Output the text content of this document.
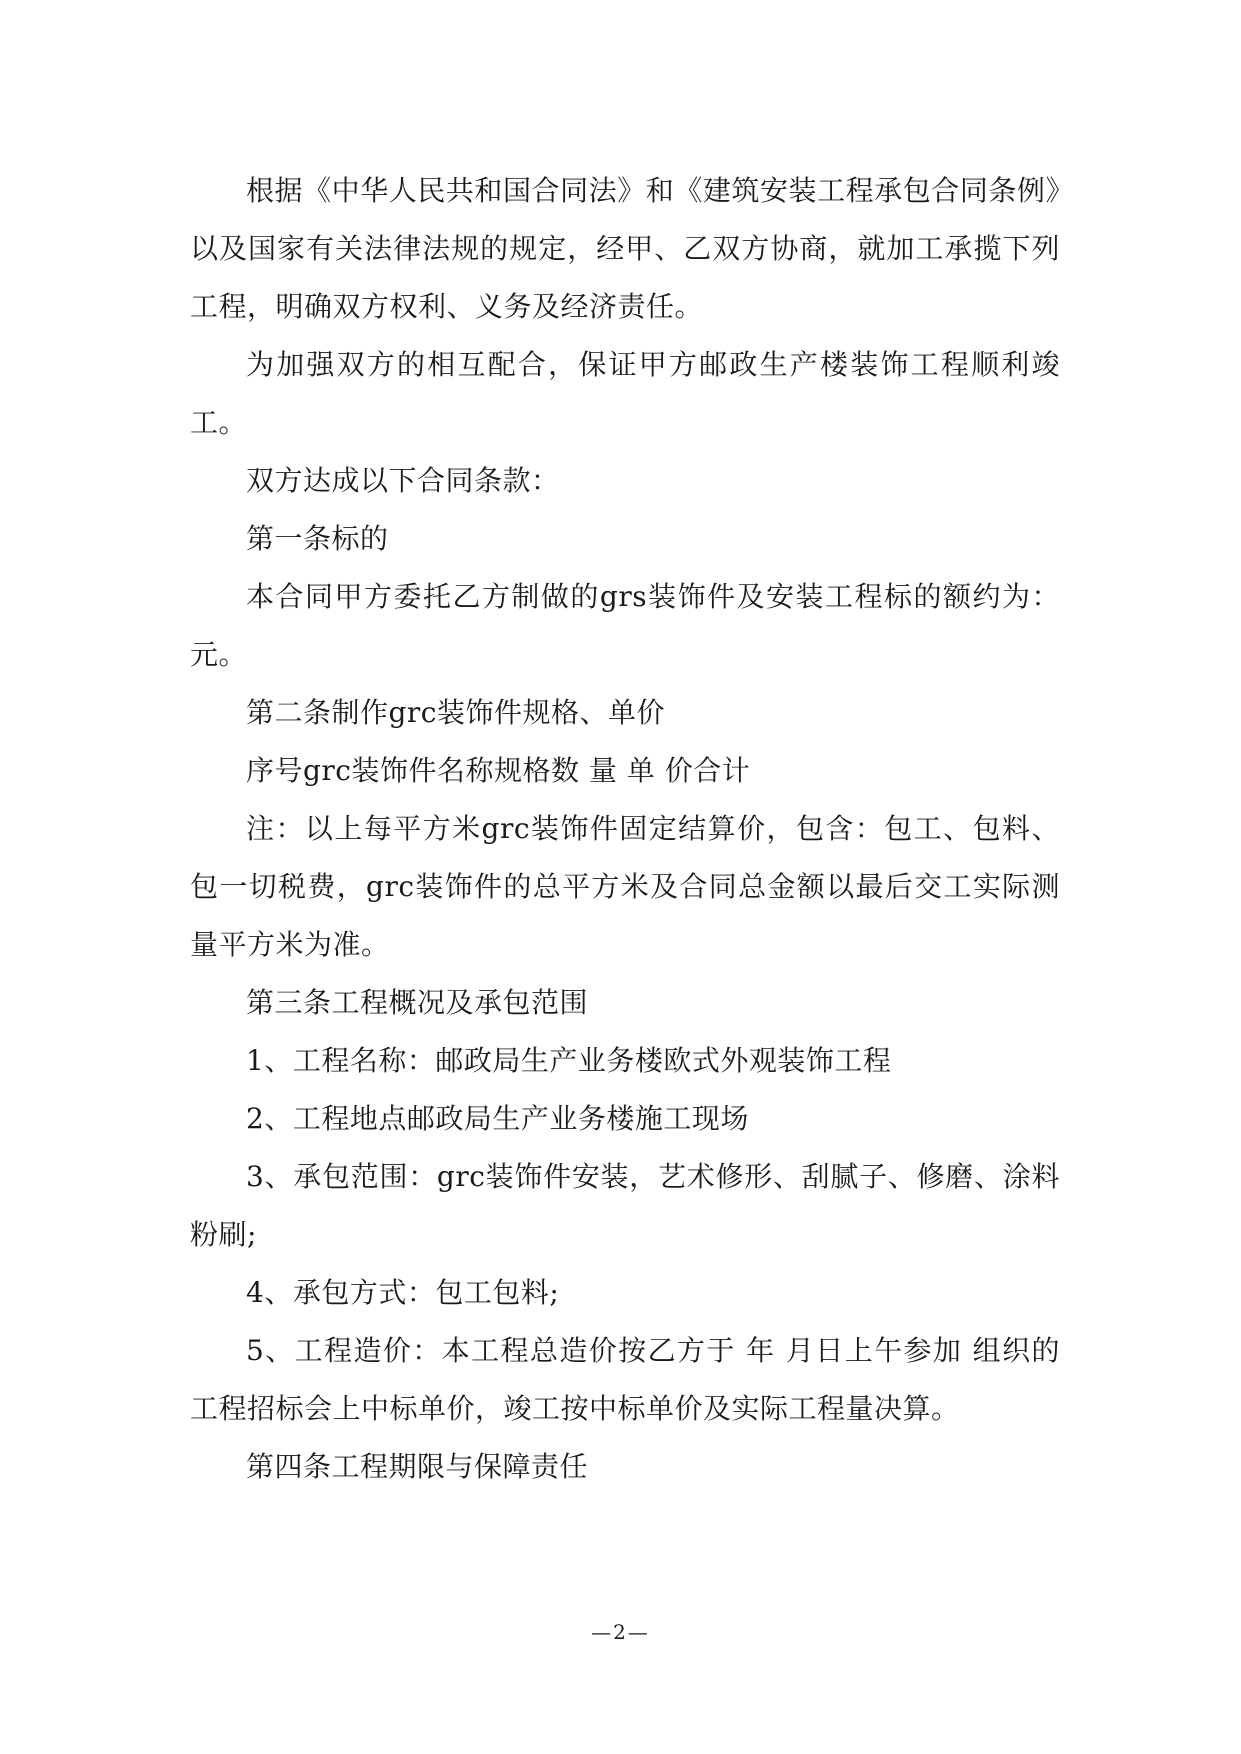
根据《中华人民共和国合同法》和《建筑安装工程承包合同条例》以及国家有关法律法规的规定，经甲、乙双方协商，就加工承揽下列工程，明确双方权利、义务及经济责任。

为加强双方的相互配合，保证甲方邮政生产楼装饰工程顺利竣工。

双方达成以下合同条款：

第一条标的

本合同甲方委托乙方制做的grs装饰件及安装工程标的额约为：元。

第二条制作grc装饰件规格、单价

序号grc装饰件名称规格数 量 单 价合计

注：以上每平方米grc装饰件固定结算价，包含：包工、包料、包一切税费，grc装饰件的总平方米及合同总金额以最后交工实际测量平方米为准。

第三条工程概况及承包范围

1、工程名称：邮政局生产业务楼欧式外观装饰工程

2、工程地点邮政局生产业务楼施工现场

3、承包范围：grc装饰件安装，艺术修形、刮腻子、修磨、涂料粉刷;

4、承包方式：包工包料;

5、工程造价：本工程总造价按乙方于 年 月日上午参加 组织的工程招标会上中标单价，竣工按中标单价及实际工程量决算。

第四条工程期限与保障责任

—2—
